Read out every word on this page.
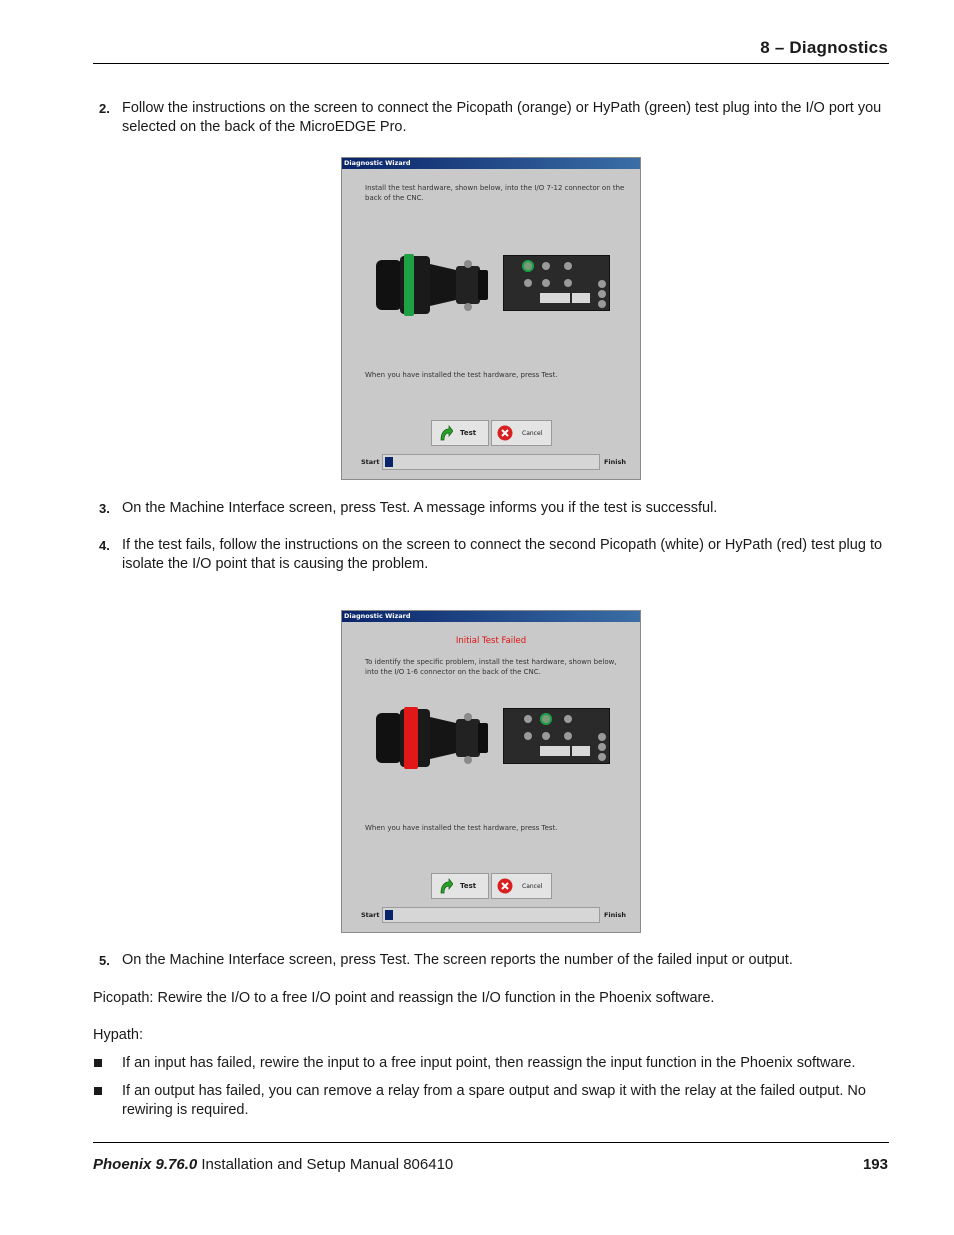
8 – Diagnostics
2. Follow the instructions on the screen to connect the Picopath (orange) or HyPath (green) test plug into the I/O port you selected on the back of the MicroEDGE Pro.
Diagnostic Wizard
Install the test hardware, shown below, into the I/O 7-12 connector on the back of the CNC.
When you have installed the test hardware, press Test.
Test	Cancel
Start	Finish
3. On the Machine Interface screen, press Test. A message informs you if the test is successful.
4. If the test fails, follow the instructions on the screen to connect the second Picopath (white) or HyPath (red) test plug to isolate the I/O point that is causing the problem.
Diagnostic Wizard
Initial Test Failed
To identify the specific problem, install the test hardware, shown below, into the I/O 1-6 connector on the back of the CNC.
When you have installed the test hardware, press Test.
Test	Cancel
Start	Finish
5. On the Machine Interface screen, press Test. The screen reports the number of the failed input or output.
Picopath: Rewire the I/O to a free I/O point and reassign the I/O function in the Phoenix software.
Hypath:
If an input has failed, rewire the input to a free input point, then reassign the input function in the Phoenix software.
If an output has failed, you can remove a relay from a spare output and swap it with the relay at the failed output. No rewiring is required.
Phoenix 9.76.0 Installation and Setup Manual 806410	193
